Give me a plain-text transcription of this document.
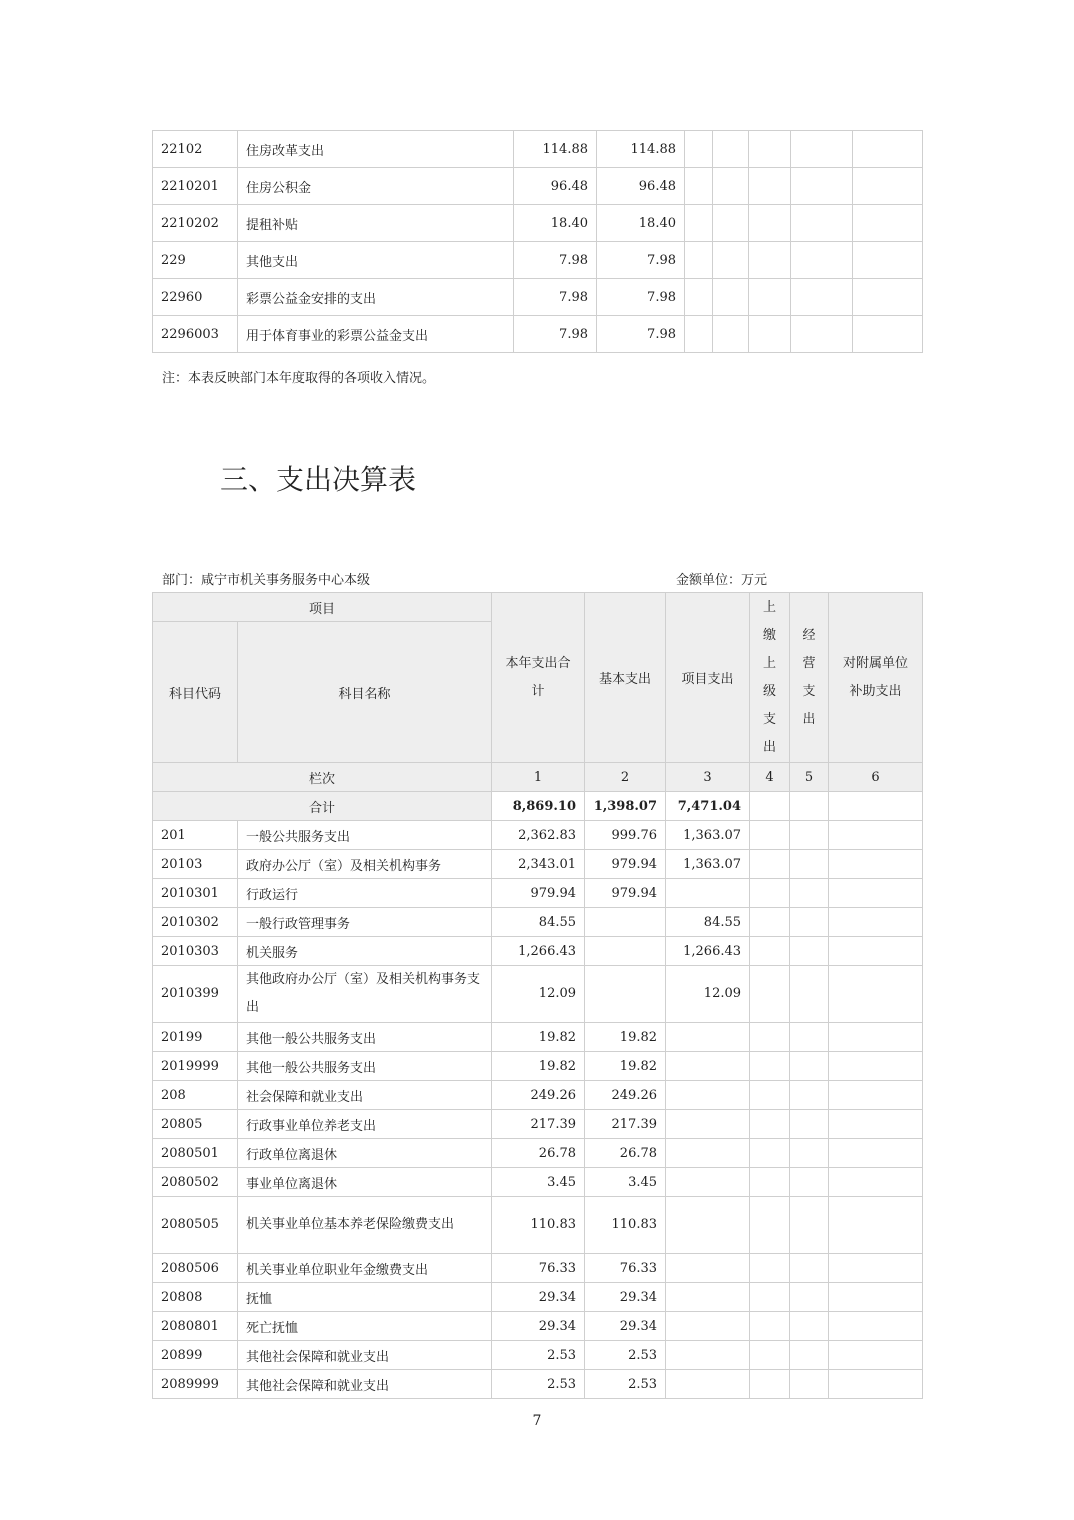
22102	住房改革支出	114.88	114.88					
2210201	住房公积金	96.48	96.48					
2210202	提租补贴	18.40	18.40					
229	其他支出	7.98	7.98					
22960	彩票公益金安排的支出	7.98	7.98					
2296003	用于体育事业的彩票公益金支出	7.98	7.98					
注：本表反映部门本年度取得的各项收入情况。
三、支出决算表
部门：咸宁市机关事务服务中心本级	金额单位：万元
项目		本年支出合计	基本支出	项目支出	上缴上级支出	经营支出	对附属单位补助支出
科目代码	科目名称						
栏次		1	2	3	4	5	6
合计		8,869.10	1,398.07	7,471.04			
201	一般公共服务支出	2,362.83	999.76	1,363.07			
20103	政府办公厅（室）及相关机构事务	2,343.01	979.94	1,363.07			
2010301	行政运行	979.94	979.94				
2010302	一般行政管理事务	84.55		84.55			
2010303	机关服务	1,266.43		1,266.43			
2010399	其他政府办公厅（室）及相关机构事务支出	12.09		12.09			
20199	其他一般公共服务支出	19.82	19.82				
2019999	其他一般公共服务支出	19.82	19.82				
208	社会保障和就业支出	249.26	249.26				
20805	行政事业单位养老支出	217.39	217.39				
2080501	行政单位离退休	26.78	26.78				
2080502	事业单位离退休	3.45	3.45				
2080505	机关事业单位基本养老保险缴费支出	110.83	110.83				
2080506	机关事业单位职业年金缴费支出	76.33	76.33				
20808	抚恤	29.34	29.34				
2080801	死亡抚恤	29.34	29.34				
20899	其他社会保障和就业支出	2.53	2.53				
2089999	其他社会保障和就业支出	2.53	2.53				
7
